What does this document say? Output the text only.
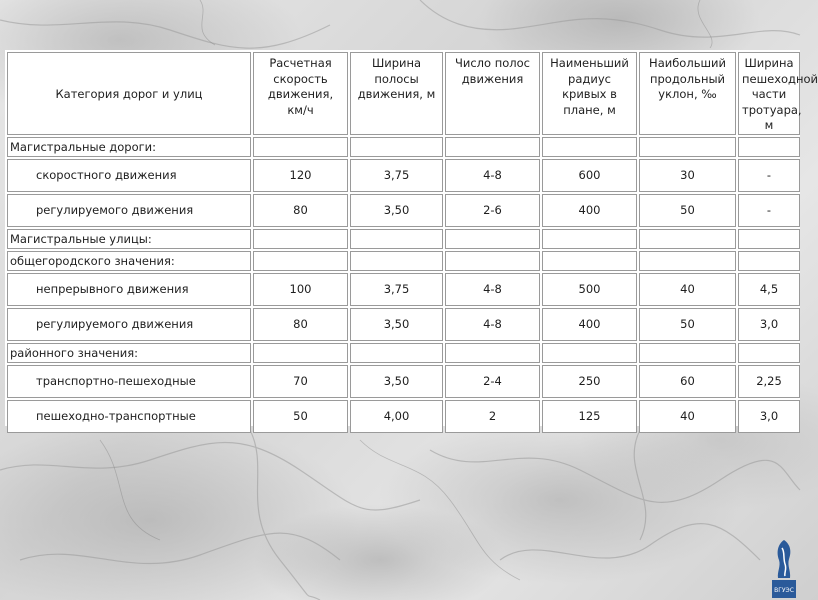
Категория дорог и улиц	Расчетная скорость движения, км/ч	Ширина полосы движения, м	Число полос движения	Наименьший радиус кривых в плане, м	Наибольший продольный уклон, ‰	Ширина пешеходной части тротуара, м
Магистральные дороги:						
скоростного движения	120	3,75	4-8	600	30	-
регулируемого движения	80	3,50	2-6	400	50	-
Магистральные улицы:						
общегородского значения:						
непрерывного движения	100	3,75	4-8	500	40	4,5
регулируемого движения	80	3,50	4-8	400	50	3,0
районного значения:						
транспортно-пешеходные	70	3,50	2-4	250	60	2,25
пешеходно-транспортные	50	4,00	2	125	40	3,0
ВГУЭС
